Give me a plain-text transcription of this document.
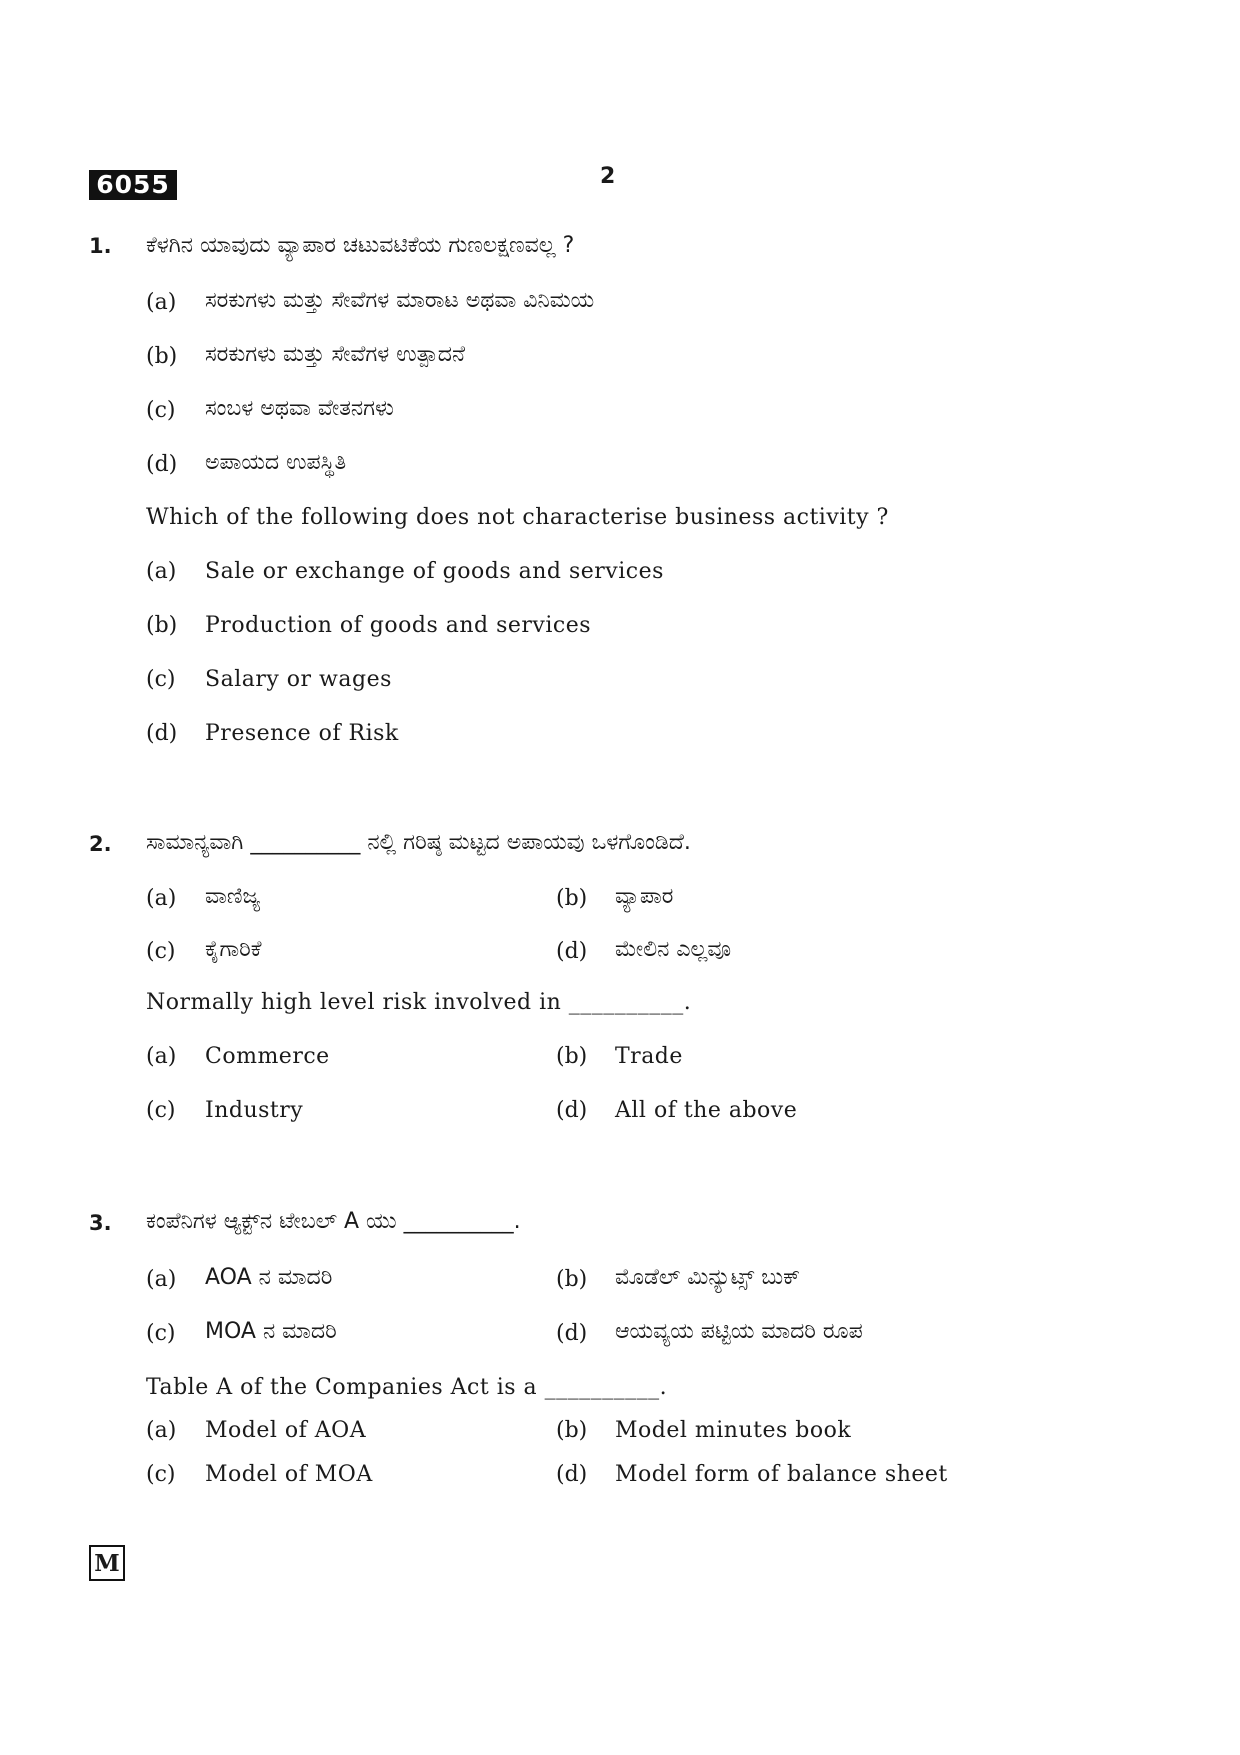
6055	2
1. ಕೆಳಗಿನ ಯಾವುದು ವ್ಯಾಪಾರ ಚಟುವಟಿಕೆಯ ಗುಣಲಕ್ಷಣವಲ್ಲ ?
(a) ಸರಕುಗಳು ಮತ್ತು ಸೇವೆಗಳ ಮಾರಾಟ ಅಥವಾ ವಿನಿಮಯ
(b) ಸರಕುಗಳು ಮತ್ತು ಸೇವೆಗಳ ಉತ್ಪಾದನೆ
(c) ಸಂಬಳ ಅಥವಾ ವೇತನಗಳು
(d) ಅಪಾಯದ ಉಪಸ್ಥಿತಿ
Which of the following does not characterise business activity ?
(a) Sale or exchange of goods and services
(b) Production of goods and services
(c) Salary or wages
(d) Presence of Risk
2. ಸಾಮಾನ್ಯವಾಗಿ __________ ನಲ್ಲಿ ಗರಿಷ್ಠ ಮಟ್ಟದ ಅಪಾಯವು ಒಳಗೊಂಡಿದೆ.
(a) ವಾಣಿಜ್ಯ	(b) ವ್ಯಾಪಾರ
(c) ಕೈಗಾರಿಕೆ	(d) ಮೇಲಿನ ಎಲ್ಲವೂ
Normally high level risk involved in __________.
(a) Commerce	(b) Trade
(c) Industry	(d) All of the above
3. ಕಂಪೆನಿಗಳ ಆ್ಯಕ್ಟ್‌ನ ಟೇಬಲ್ A ಯು __________.
(a) AOA ನ ಮಾದರಿ	(b) ಮೊಡೆಲ್ ಮಿನ್ಯುಟ್ಸ್ ಬುಕ್
(c) MOA ನ ಮಾದರಿ	(d) ಆಯವ್ಯಯ ಪಟ್ಟಿಯ ಮಾದರಿ ರೂಪ
Table A of the Companies Act is a __________.
(a) Model of AOA	(b) Model minutes book
(c) Model of MOA	(d) Model form of balance sheet
M
